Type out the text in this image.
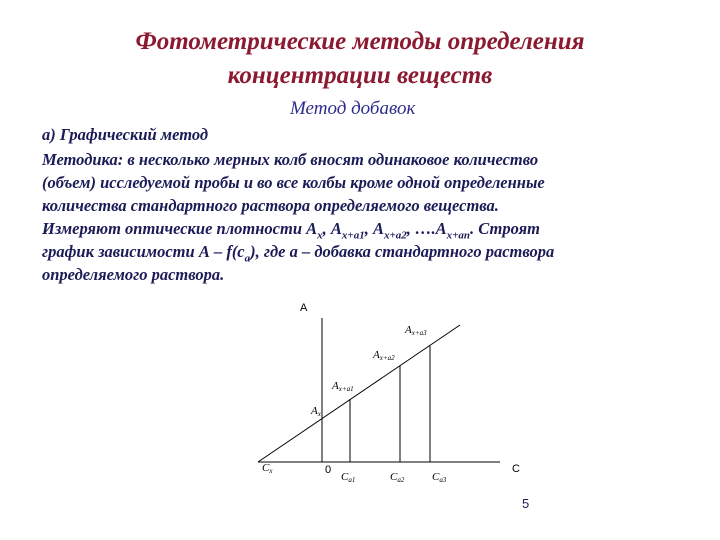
Фотометрические методы определения
концентрации веществ
Метод добавок
а) Графический метод
Методика: в несколько мерных колб вносят одинаковое количество
(объем) исследуемой пробы и во все колбы кроме одной определенные
количества стандартного раствора определяемого вещества.
Измеряют оптические плотности $А_x$, $А_{x+a1}$, $А_{x+a2}$, $\dots.А_{x+an}$. Строят
график зависимости А – $f(c_a)$, где а – добавка стандартного раствора
определяемого раствора.
A
C
0
Cx	Ca1	Ca2	Ca3
Ax
Ax+a1
Ax+a2
Ax+a3
5
